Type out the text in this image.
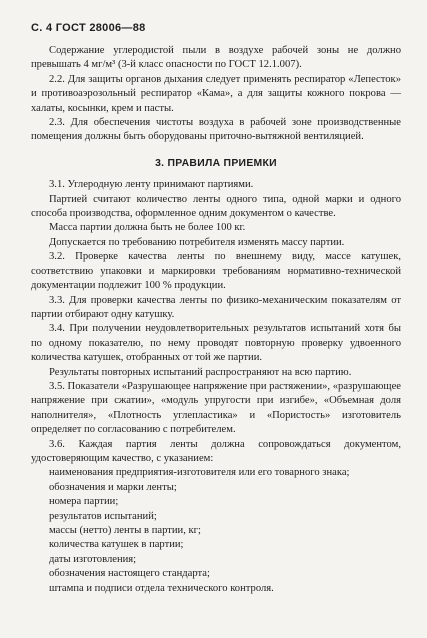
С. 4 ГОСТ 28006—88

Содержание углеродистой пыли в воздухе рабочей зоны не должно превышать 4 мг/м³ (3-й класс опасности по ГОСТ 12.1.007).

2.2. Для защиты органов дыхания следует применять респиратор «Лепесток» и противоаэрозольный респиратор «Кама», а для защиты кожного покрова — халаты, косынки, крем и пасты.

2.3. Для обеспечения чистоты воздуха в рабочей зоне производственные помещения должны быть оборудованы приточно-вытяжной вентиляцией.

3. ПРАВИЛА ПРИЕМКИ

3.1. Углеродную ленту принимают партиями.

Партией считают количество ленты одного типа, одной марки и одного способа производства, оформленное одним документом о качестве.

Масса партии должна быть не более 100 кг.

Допускается по требованию потребителя изменять массу партии.

3.2. Проверке качества ленты по внешнему виду, массе катушек, соответствию упаковки и маркировки требованиям нормативно-технической документации подлежит 100 % продукции.

3.3. Для проверки качества ленты по физико-механическим показателям от партии отбирают одну катушку.

3.4. При получении неудовлетворительных результатов испытаний хотя бы по одному показателю, по нему проводят повторную проверку удвоенного количества катушек, отобранных от той же партии.

Результаты повторных испытаний распространяют на всю партию.

3.5. Показатели «Разрушающее напряжение при растяжении», «разрушающее напряжение при сжатии», «модуль упругости при изгибе», «Объемная доля наполнителя», «Плотность углепластика» и «Пористость» изготовитель определяет по согласованию с потребителем.

3.6. Каждая партия ленты должна сопровождаться документом, удостоверяющим качество, с указанием:

наименования предприятия-изготовителя или его товарного знака;

обозначения и марки ленты;

номера партии;

результатов испытаний;

массы (нетто) ленты в партии, кг;

количества катушек в партии;

даты изготовления;

обозначения настоящего стандарта;

штампа и подписи отдела технического контроля.
